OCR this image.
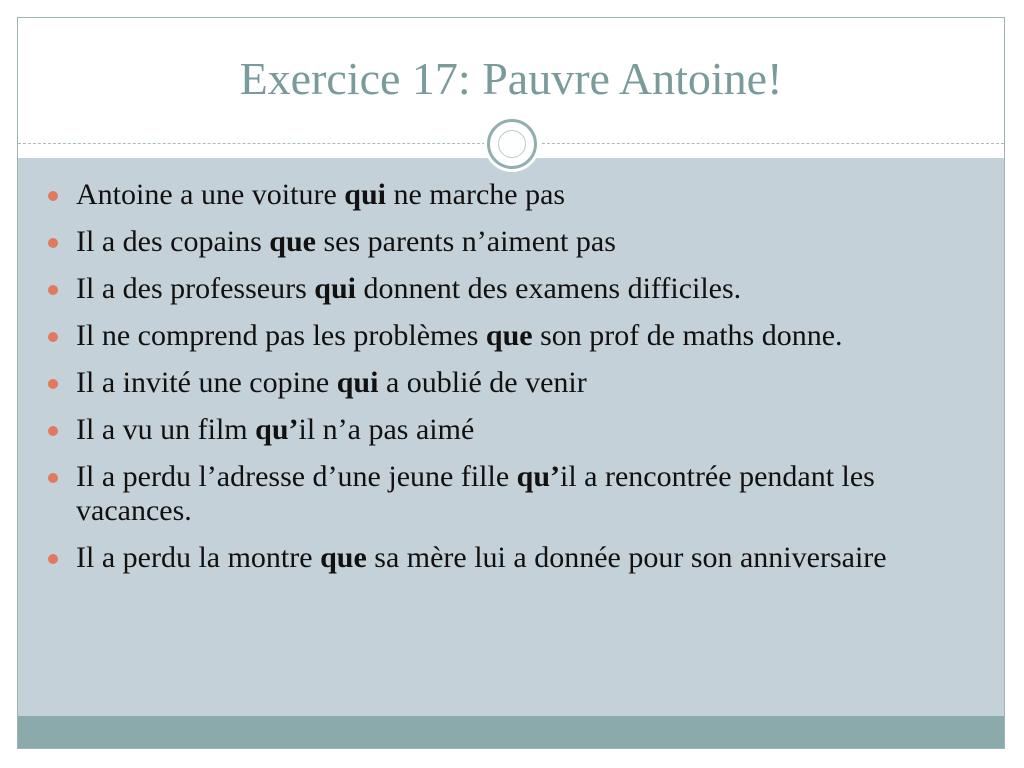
Exercice 17: Pauvre Antoine!
Antoine a une voiture qui ne marche pas
Il a des copains que ses parents n’aiment pas
Il a des professeurs qui donnent des examens difficiles.
Il ne comprend pas les problèmes que son prof de maths donne.
Il a invité une copine qui a oublié de venir
Il a vu un film qu’il n’a pas aimé
Il a perdu l’adresse d’une jeune fille qu’il a rencontrée pendant les vacances.
Il a perdu la montre que sa mère lui a donnée pour son anniversaire
